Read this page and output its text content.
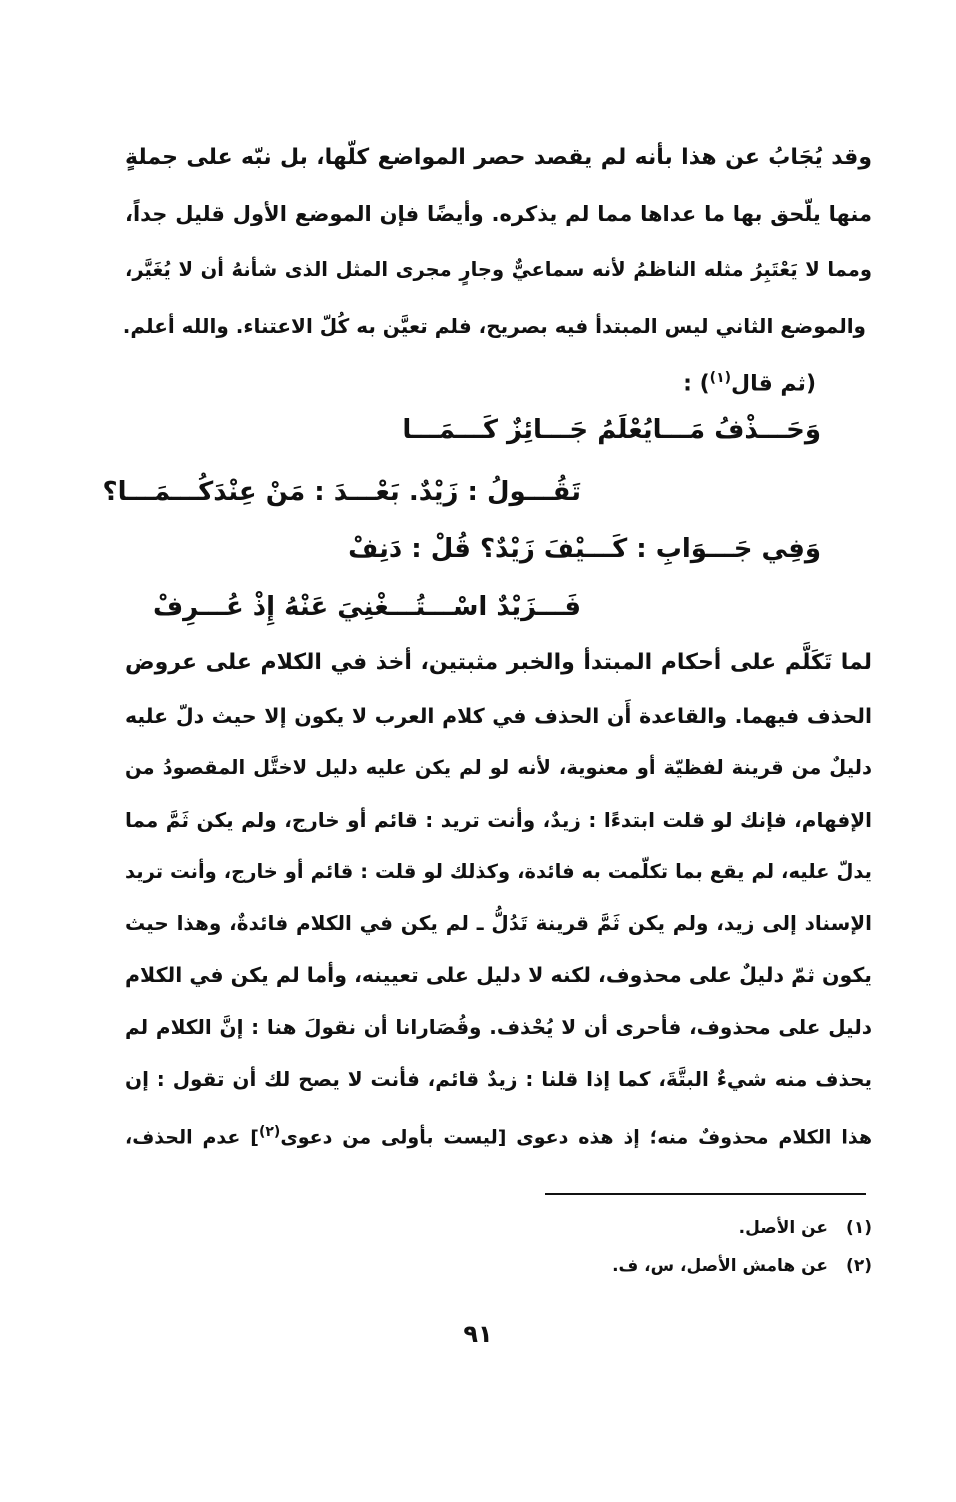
وقد يُجَابُ عن هذا بأنه لم يقصد حصر المواضع كلّها، بل نبّه على جملةٍ
منها يلّحق بها ما عداها مما لم يذكره. وأيضًا فإن الموضع الأول قليل جداً،
ومما لا يَعْتَبِرُ مثله الناظمُ لأنه سماعيٌّ وجارٍ مجرى المثل الذى شأنهُ أن لا يُغَيَّر،
والموضع الثاني ليس المبتدأ فيه بصريح، فلم تعيَّن به كُلّ الاعتناء. والله أعلم.
(ثم قال$^{(١)}$) :
وَحَـــذْفُ مَـــايُعْلَمُ جَـــائِزٌ كَـــمَـــا
تَقُـــولُ : زَيْدٌ. بَعْـــدَ : مَنْ عِنْدَكُـــمَـــا؟
وَفِي جَـــوَابِ : كَـــيْفَ زَيْدٌ؟ قُلْ : دَنِفْ
فَـــزَيْدٌ اسْـــتُـــغْنِيَ عَنْهُ إِذْ عُـــرِفْ
لما تَكَلَّم على أحكام المبتدأ والخبر مثبتين، أخذ في الكلام على عروض
الحذف فيهما. والقاعدة أَن الحذف في كلام العرب لا يكون إلا حيث دلّ عليه
دليلٌ من قرينة لفظيّة أو معنوية، لأنه لو لم يكن عليه دليل لاختَّل المقصودُ من
الإفهام، فإنك لو قلت ابتدءًا : زيدٌ، وأنت تريد : قائم أو خارج، ولم يكن ثَمَّ مما
يدلّ عليه، لم يقع بما تكلّمت به فائدة، وكذلك لو قلت : قائم أو خارج، وأنت تريد
الإسناد إلى زيد، ولم يكن ثَمَّ قرينة تَدُلُّ ـ لم يكن في الكلام فائدةٌ، وهذا حيث
يكون ثمّ دليلٌ على محذوف، لكنه لا دليل على تعيينه، وأما لم يكن في الكلام
دليل على محذوف، فأحرى أن لا يُحْذف. وقُصَارانا أن نقولَ هنا : إنَّ الكلام لم
يحذف منه شيءٌ البتَّةَ، كما إذا قلنا : زيدٌ قائم، فأنت لا يصح لك أن تقول : إن
هذا الكلام محذوفٌ منه؛ إذ هذه دعوى [ليست بأولى من دعوى$^{(٢)}$] عدم الحذف،
(١)عن الأصل.
(٢)عن هامش الأصل، س، ف.
٩١
